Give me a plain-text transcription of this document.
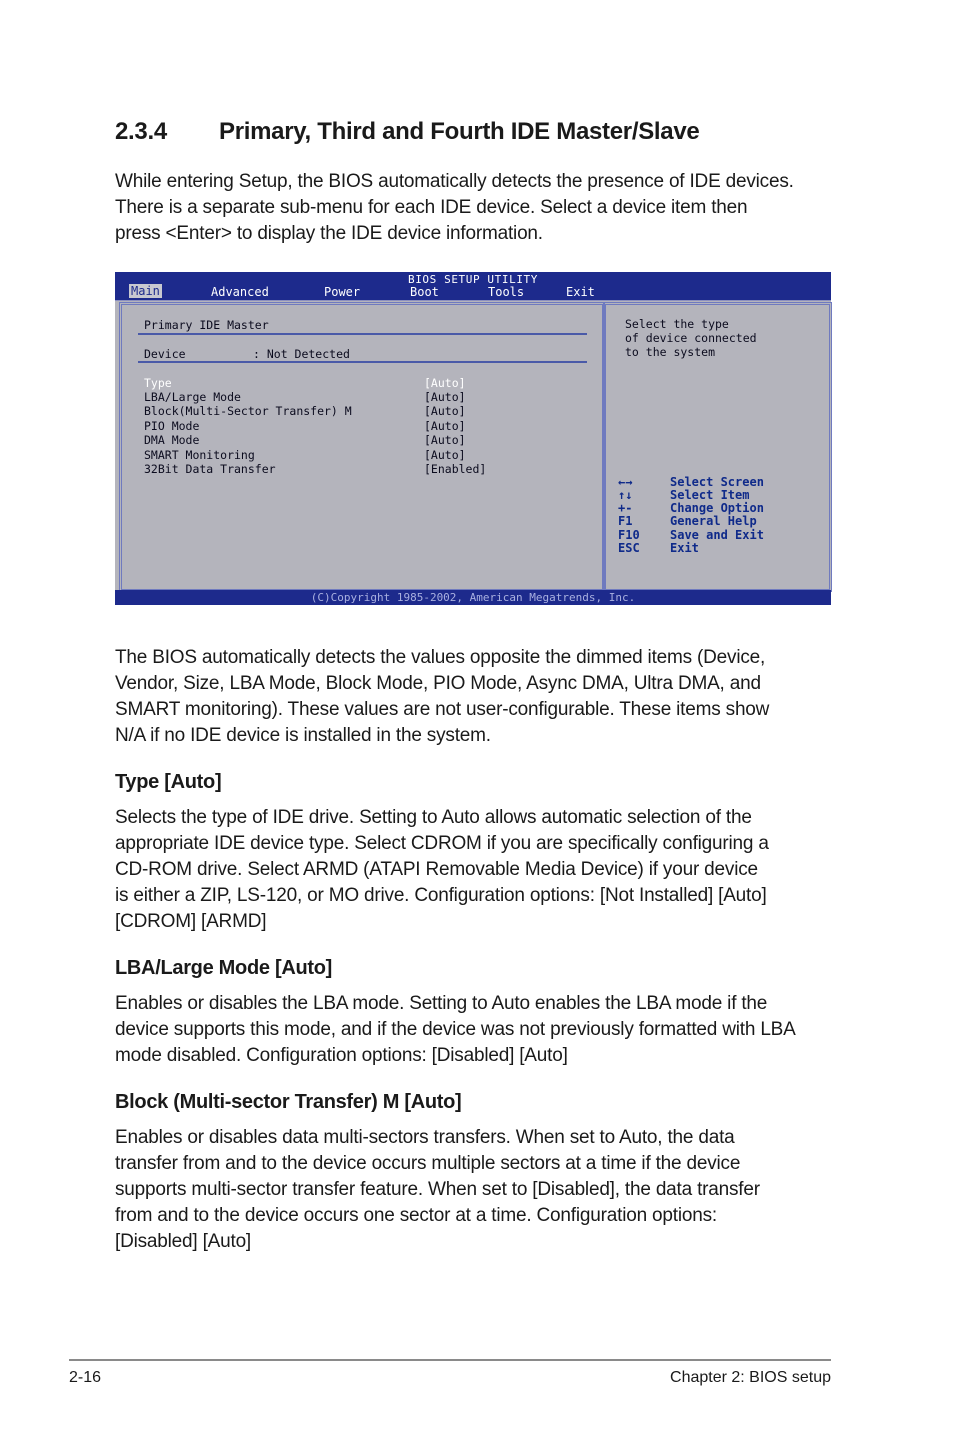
2.3.4 Primary, Third and Fourth IDE Master/Slave
While entering Setup, the BIOS automatically detects the presence of IDE devices.
There is a separate sub-menu for each IDE device. Select a device item then
press <Enter> to display the IDE device information.
BIOS SETUP UTILITY
Main	Advanced	Power	Boot	Tools	Exit
Primary IDE Master
Device	: Not Detected
Type	[Auto]
LBA/Large Mode	[Auto]
Block(Multi-Sector Transfer) M	[Auto]
PIO Mode	[Auto]
DMA Mode	[Auto]
SMART Monitoring	[Auto]
32Bit Data Transfer	[Enabled]
Select the type
of device connected
to the system
←→	Select Screen
↑↓	Select Item
+-	Change Option
F1	General Help
F10	Save and Exit
ESC	Exit
(C)Copyright 1985-2002, American Megatrends, Inc.
The BIOS automatically detects the values opposite the dimmed items (Device,
Vendor, Size, LBA Mode, Block Mode, PIO Mode, Async DMA, Ultra DMA, and
SMART monitoring). These values are not user-configurable. These items show
N/A if no IDE device is installed in the system.
Type [Auto]
Selects the type of IDE drive. Setting to Auto allows automatic selection of the
appropriate IDE device type. Select CDROM if you are specifically configuring a
CD-ROM drive. Select ARMD (ATAPI Removable Media Device) if your device
is either a ZIP, LS-120, or MO drive. Configuration options: [Not Installed] [Auto]
[CDROM] [ARMD]
LBA/Large Mode [Auto]
Enables or disables the LBA mode. Setting to Auto enables the LBA mode if the
device supports this mode, and if the device was not previously formatted with LBA
mode disabled. Configuration options: [Disabled] [Auto]
Block (Multi-sector Transfer) M [Auto]
Enables or disables data multi-sectors transfers. When set to Auto, the data
transfer from and to the device occurs multiple sectors at a time if the device
supports multi-sector transfer feature. When set to [Disabled], the data transfer
from and to the device occurs one sector at a time. Configuration options:
[Disabled] [Auto]
2-16	Chapter 2: BIOS setup
